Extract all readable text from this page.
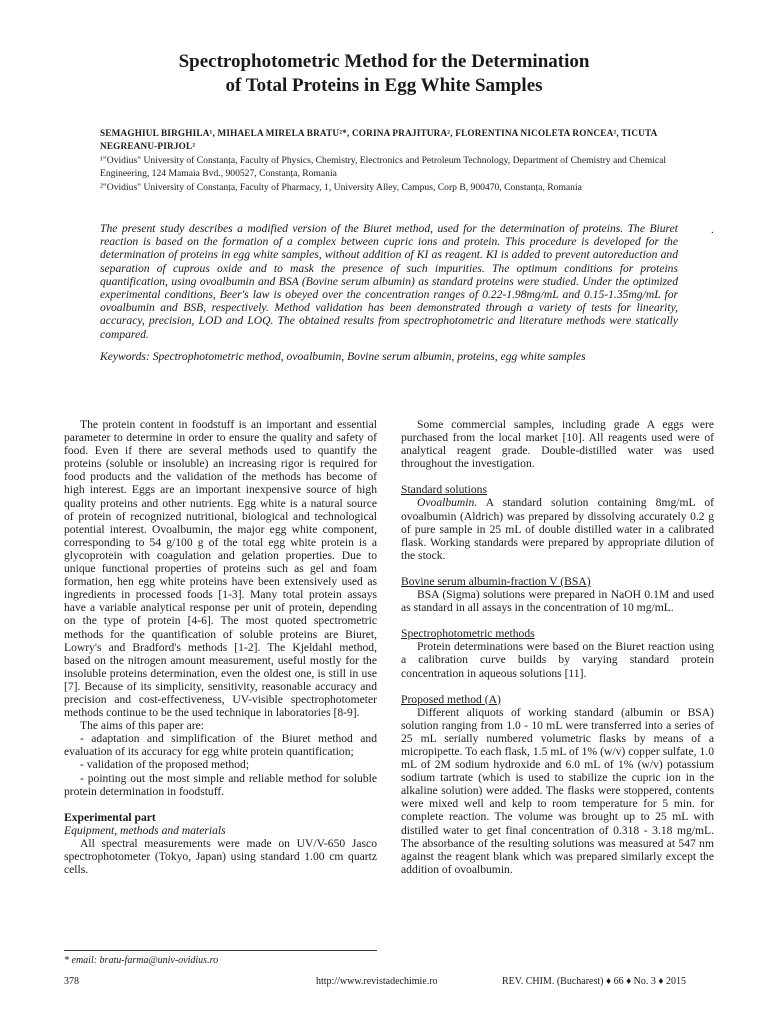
Spectrophotometric Method for the Determination
of Total Proteins in Egg White Samples
SEMAGHIUL BIRGHILA¹, MIHAELA MIRELA BRATU²*, CORINA PRAJITURA², FLORENTINA NICOLETA RONCEA², TICUTA NEGREANU-PIRJOL²
¹"Ovidius" University of Constanța, Faculty of Physics, Chemistry, Electronics and Petroleum Technology, Department of Chemistry and Chemical Engineering, 124 Mamaia Bvd., 900527, Constanța, Romania
²"Ovidius" University of Constanța, Faculty of Pharmacy, 1, University Alley, Campus, Corp B, 900470, Constanța, Romania
The present study describes a modified version of the Biuret method, used for the determination of proteins. The Biuret reaction is based on the formation of a complex between cupric ions and protein. This procedure is developed for the determination of proteins in egg white samples, without addition of KI as reagent. KI is added to prevent autoreduction and separation of cuprous oxide and to mask the presence of such impurities. The optimum conditions for proteins quantification, using ovoalbumin and BSA (Bovine serum albumin) as standard proteins were studied. Under the optimized experimental conditions, Beer's law is obeyed over the concentration ranges of 0.22-1.98mg/mL and 0.15-1.35mg/mL for ovoalbumin and BSB, respectively. Method validation has been demonstrated through a variety of tests for linearity, accuracy, precision, LOD and LOQ. The obtained results from spectrophotometric and literature methods were statically compared.
.
Keywords: Spectrophotometric method, ovoalbumin, Bovine serum albumin, proteins, egg white samples

The protein content in foodstuff is an important and essential parameter to determine in order to ensure the quality and safety of food. Even if there are several methods used to quantify the proteins (soluble or insoluble) an increasing rigor is required for food products and the validation of the methods has become of high interest. Eggs are an important inexpensive source of high quality proteins and other nutrients. Egg white is a natural source of protein of recognized nutritional, biological and technological potential interest. Ovoalbumin, the major egg white component, corresponding to 54 g/100 g of the total egg white protein is a glycoprotein with coagulation and gelation properties. Due to unique functional properties of proteins such as gel and foam formation, hen egg white proteins have been extensively used as ingredients in processed foods [1-3]. Many total protein assays have a variable analytical response per unit of protein, depending on the type of protein [4-6]. The most quoted spectrometric methods for the quantification of soluble proteins are Biuret, Lowry's and Bradford's methods [1-2]. The Kjeldahl method, based on the nitrogen amount measurement, useful mostly for the insoluble proteins determination, even the oldest one, is still in use [7]. Because of its simplicity, sensitivity, reasonable accuracy and precision and cost-effectiveness, UV-visible spectrophotometer methods continue to be the used technique in laboratories [8-9].

The aims of this paper are:

- adaptation and simplification of the Biuret method and evaluation of its accuracy for egg white protein quantification;

- validation of the proposed method;

- pointing out the most simple and reliable method for soluble protein determination in foodstuff.

Experimental part

Equipment, methods and materials

All spectral measurements were made on UV/V-650 Jasco spectrophotometer (Tokyo, Japan) using standard 1.00 cm quartz cells.

Some commercial samples, including grade A eggs were purchased from the local market [10]. All reagents used were of analytical reagent grade. Double-distilled water was used throughout the investigation.

Standard solutions

Ovoalbumin. A standard solution containing 8mg/mL of ovoalbumin (Aldrich) was prepared by dissolving accurately 0.2 g of pure sample in 25 mL of double distilled water in a calibrated flask. Working standards were prepared by appropriate dilution of the stock.

Bovine serum albumin-fraction V (BSA)

BSA (Sigma) solutions were prepared in NaOH 0.1M and used as standard in all assays in the concentration of 10 mg/mL.

Spectrophotometric methods

Protein determinations were based on the Biuret reaction using a calibration curve builds by varying standard protein concentration in aqueous solutions [11].

Proposed method (A)

Different aliquots of working standard (albumin or BSA) solution ranging from 1.0 - 10 mL were transferred into a series of 25 mL serially numbered volumetric flasks by means of a micropipette. To each flask, 1.5 mL of 1% (w/v) copper sulfate, 1.0 mL of 2M sodium hydroxide and 6.0 mL of 1% (w/v) potassium sodium tartrate (which is used to stabilize the cupric ion in the alkaline solution) were added. The flasks were stoppered, contents were mixed well and kelp to room temperature for 5 min. for complete reaction. The volume was brought up to 25 mL with distilled water to get final concentration of 0.318 - 3.18 mg/mL. The absorbance of the resulting solutions was measured at 547 nm against the reagent blank which was prepared similarly except the addition of ovoalbumin.

* email: bratu-farma@univ-ovidius.ro
378	http://www.revistadechimie.ro	REV. CHIM. (Bucharest) ♦ 66 ♦ No. 3 ♦ 2015
